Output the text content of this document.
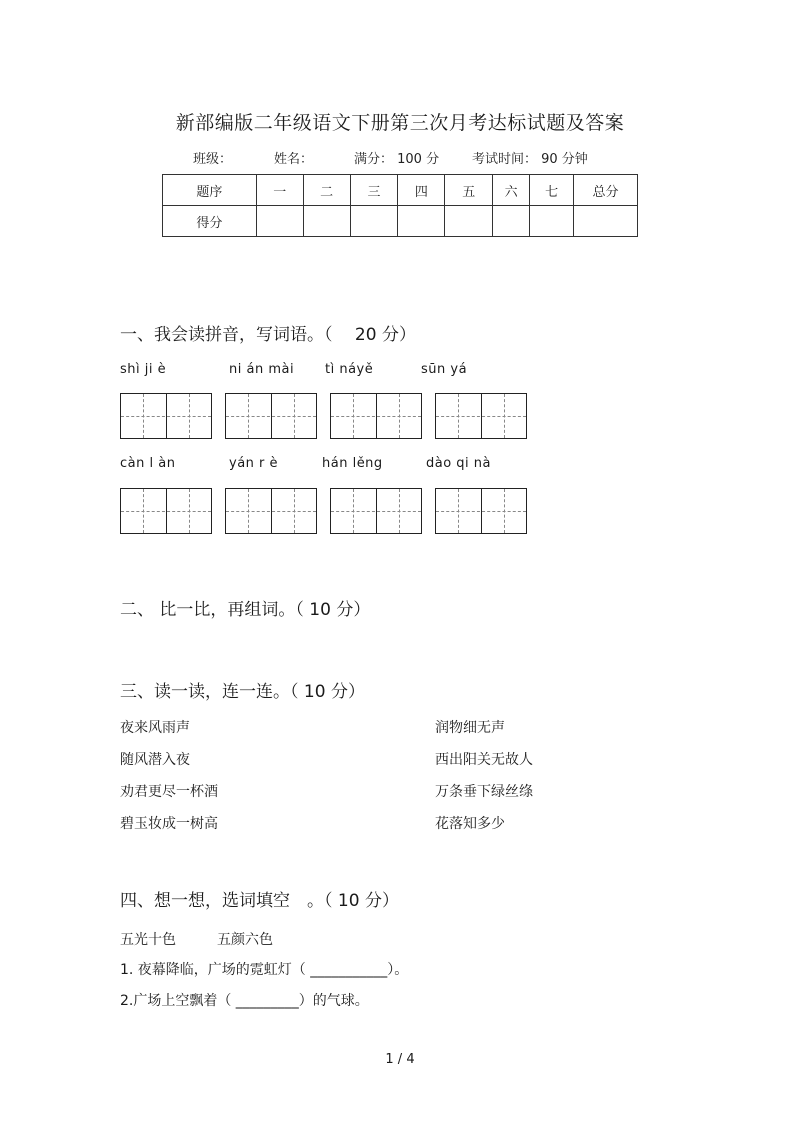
新部编版二年级语文下册第三次月考达标试题及答案
班级：	姓名：	满分： 100 分	考试时间： 90 分钟
题序	一	二	三	四	五	六	七	总分
得分								
一、我会读拼音，写词语。（　 20 分）
shì ji è	ni án mài tì náyě	sūn yá
càn l àn	yán r è	hán lěng	dào qi nà
二、 比一比，再组词。（ 10 分）
三、读一读，连一连。（ 10 分）
夜来风雨声
随风潜入夜
劝君更尽一杯酒
碧玉妆成一树高
润物细无声
西出阳关无故人
万条垂下绿丝绦
花落知多少
四、想一想，选词填空　。（ 10 分）
五光十色	五颜六色
1. 夜幕降临，广场的霓虹灯（ ___________）。
2.广场上空飘着（ _________）的气球。
1 / 4
